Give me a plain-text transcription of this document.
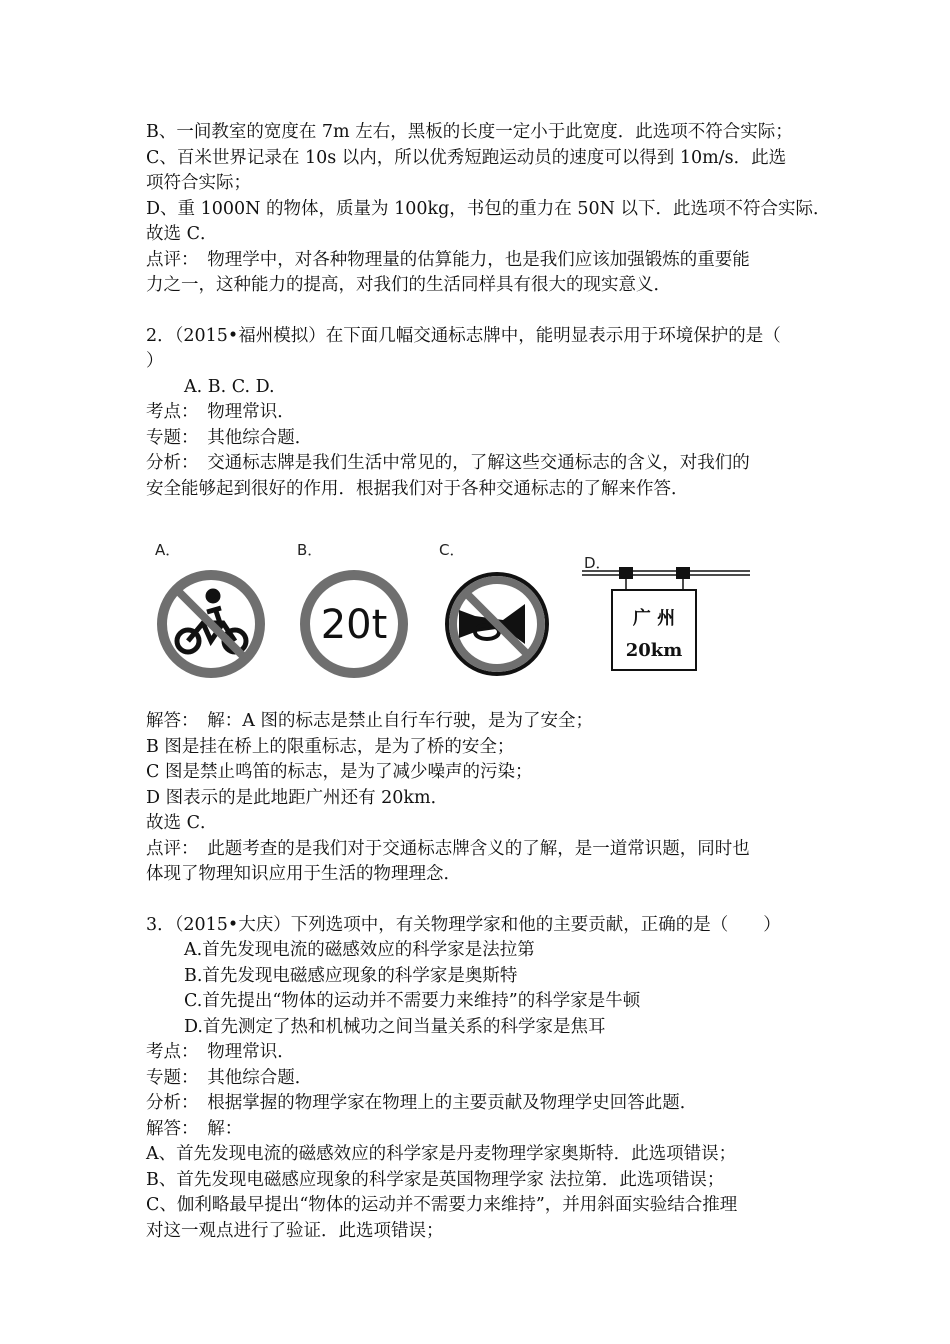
B、一间教室的宽度在 7m 左右，黑板的长度一定小于此宽度．此选项不符合实际；
C、百米世界记录在 10s 以内，所以优秀短跑运动员的速度可以得到 10m/s．此选
项符合实际；
D、重 1000N 的物体，质量为 100kg，书包的重力在 50N 以下．此选项不符合实际．
故选 C．
点评：　物理学中，对各种物理量的估算能力，也是我们应该加强锻炼的重要能
力之一，这种能力的提高，对我们的生活同样具有很大的现实意义．
2．（2015•福州模拟）在下面几幅交通标志牌中，能明显表示用于环境保护的是（
）
A. B. C. D.
考点：　物理常识．
专题：　其他综合题．
分析：　交通标志牌是我们生活中常见的，了解这些交通标志的含义，对我们的
安全能够起到很好的作用．根据我们对于各种交通标志的了解来作答．
A．	B．
20t
C．
D．
广 州
20km
解答：　解：A 图的标志是禁止自行车行驶，是为了安全；
B 图是挂在桥上的限重标志，是为了桥的安全；
C 图是禁止鸣笛的标志，是为了减少噪声的污染；
D 图表示的是此地距广州还有 20km．
故选 C．
点评：　此题考查的是我们对于交通标志牌含义的了解，是一道常识题，同时也
体现了物理知识应用于生活的物理理念．
3．（2015•大庆）下列选项中，有关物理学家和他的主要贡献，正确的是（　　）
A.首先发现电流的磁感效应的科学家是法拉第
B.首先发现电磁感应现象的科学家是奥斯特
C.首先提出“物体的运动并不需要力来维持”的科学家是牛顿
D.首先测定了热和机械功之间当量关系的科学家是焦耳
考点：　物理常识．
专题：　其他综合题．
分析：　根据掌握的物理学家在物理上的主要贡献及物理学史回答此题．
解答：　解：
A、首先发现电流的磁感效应的科学家是丹麦物理学家奥斯特．此选项错误；
B、首先发现电磁感应现象的科学家是英国物理学家 法拉第．此选项错误；
C、伽利略最早提出“物体的运动并不需要力来维持”，并用斜面实验结合推理
对这一观点进行了验证．此选项错误；
